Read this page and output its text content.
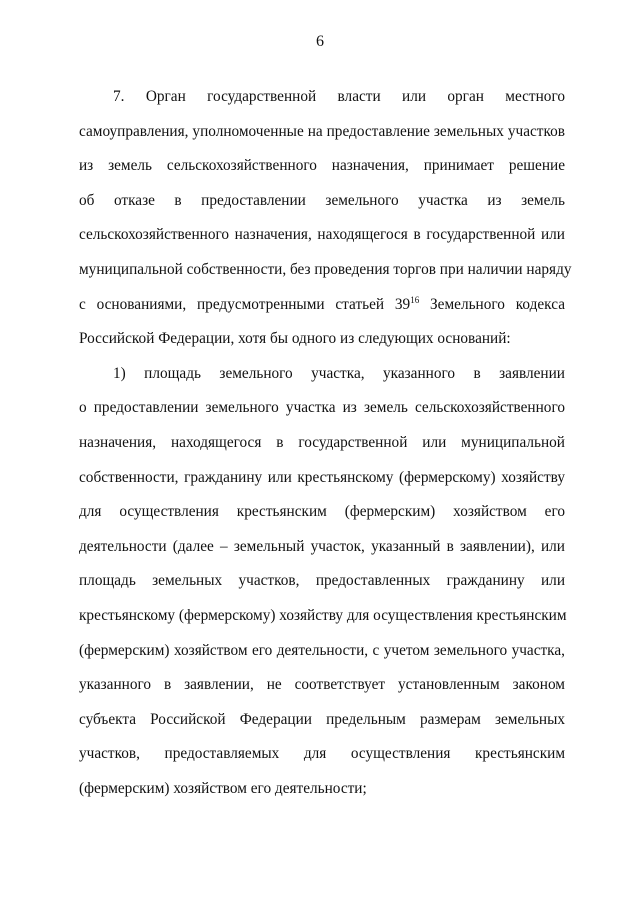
6

7. Орган государственной власти или орган местного
самоуправления, уполномоченные на предоставление земельных участков
из земель сельскохозяйственного назначения, принимает решение
об отказе в предоставлении земельного участка из земель
сельскохозяйственного назначения, находящегося в государственной или
муниципальной собственности, без проведения торгов при наличии наряду
с основаниями, предусмотренными статьей $39^{16}$ Земельного кодекса
Российской Федерации, хотя бы одного из следующих оснований:

1) площадь земельного участка, указанного в заявлении
о предоставлении земельного участка из земель сельскохозяйственного
назначения, находящегося в государственной или муниципальной
собственности, гражданину или крестьянскому (фермерскому) хозяйству
для осуществления крестьянским (фермерским) хозяйством его
деятельности (далее – земельный участок, указанный в заявлении), или
площадь земельных участков, предоставленных гражданину или
крестьянскому (фермерскому) хозяйству для осуществления крестьянским
(фермерским) хозяйством его деятельности, с учетом земельного участка,
указанного в заявлении, не соответствует установленным законом
субъекта Российской Федерации предельным размерам земельных
участков, предоставляемых для осуществления крестьянским
(фермерским) хозяйством его деятельности;
